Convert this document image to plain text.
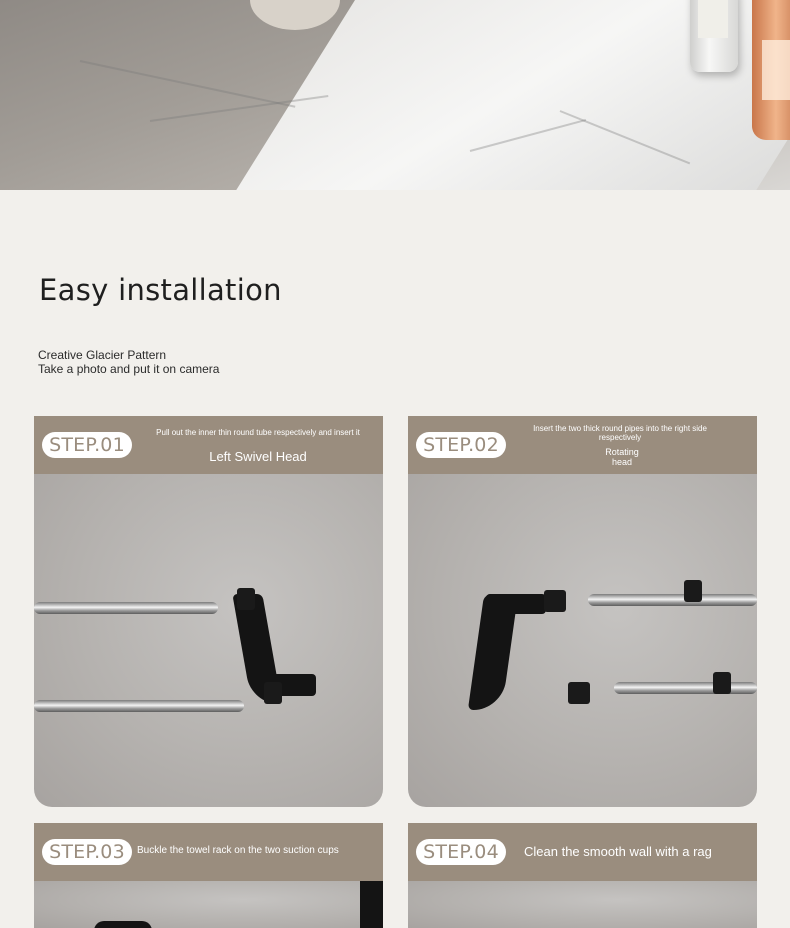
Easy installation
Creative Glacier Pattern
Take a photo and put it on camera
STEP.01
Pull out the inner thin round tube respectively and insert it
Left Swivel Head
STEP.02
Insert the two thick round pipes into the right side respectively
Rotating head
STEP.03	Buckle the towel rack on the two suction cups	STEP.04	Clean the smooth wall with a rag
